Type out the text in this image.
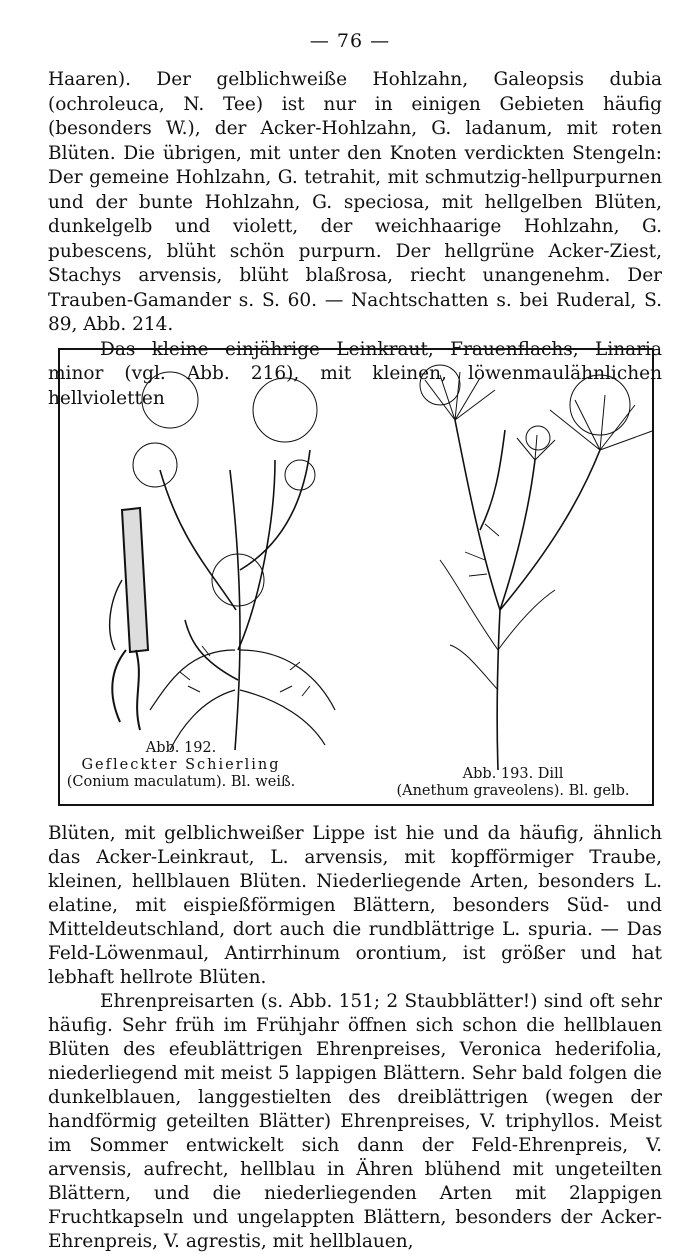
— 76 —

Haaren). Der gelblichweiße Hohlzahn, Galeopsis dubia (ochroleuca, N. Tee) ist nur in einigen Gebieten häufig (besonders W.), der Acker-Hohlzahn, G. ladanum, mit roten Blüten. Die übrigen, mit unter den Knoten verdickten Stengeln: Der gemeine Hohlzahn, G. tetrahit, mit schmutzig-hellpurpurnen und der bunte Hohlzahn, G. speciosa, mit hellgelben Blüten, dunkelgelb und violett, der weichhaarige Hohlzahn, G. pubescens, blüht schön purpurn. Der hellgrüne Acker-Ziest, Stachys arvensis, blüht blaßrosa, riecht unangenehm. Der Trauben-Gamander s. S. 60. — Nachtschatten s. bei Ruderal, S. 89, Abb. 214.

Das kleine einjährige Leinkraut, Frauenflachs, Linaria minor (vgl. Abb. 216), mit kleinen, löwenmaulähnlichen hellvioletten

Abb. 192.
Gefleckter Schierling
(Conium maculatum). Bl. weiß.	Abb. 193. Dill
(Anethum graveolens). Bl. gelb.

Blüten, mit gelblichweißer Lippe ist hie und da häufig, ähnlich das Acker-Leinkraut, L. arvensis, mit kopfförmiger Traube, kleinen, hellblauen Blüten. Niederliegende Arten, besonders L. elatine, mit eispießförmigen Blättern, besonders Süd- und Mitteldeutschland, dort auch die rundblättrige L. spuria. — Das Feld-Löwenmaul, Antirrhinum orontium, ist größer und hat lebhaft hellrote Blüten.

Ehrenpreisarten (s. Abb. 151; 2 Staubblätter!) sind oft sehr häufig. Sehr früh im Frühjahr öffnen sich schon die hellblauen Blüten des efeublättrigen Ehrenpreises, Veronica hederifolia, niederliegend mit meist 5 lappigen Blättern. Sehr bald folgen die dunkelblauen, langgestielten des dreiblättrigen (wegen der handförmig geteilten Blätter) Ehrenpreises, V. triphyllos. Meist im Sommer entwickelt sich dann der Feld-Ehrenpreis, V. arvensis, aufrecht, hellblau in Ähren blühend mit ungeteilten Blättern, und die niederliegenden Arten mit 2lappigen Fruchtkapseln und ungelappten Blättern, besonders der Acker-Ehrenpreis, V. agrestis, mit hellblauen,
